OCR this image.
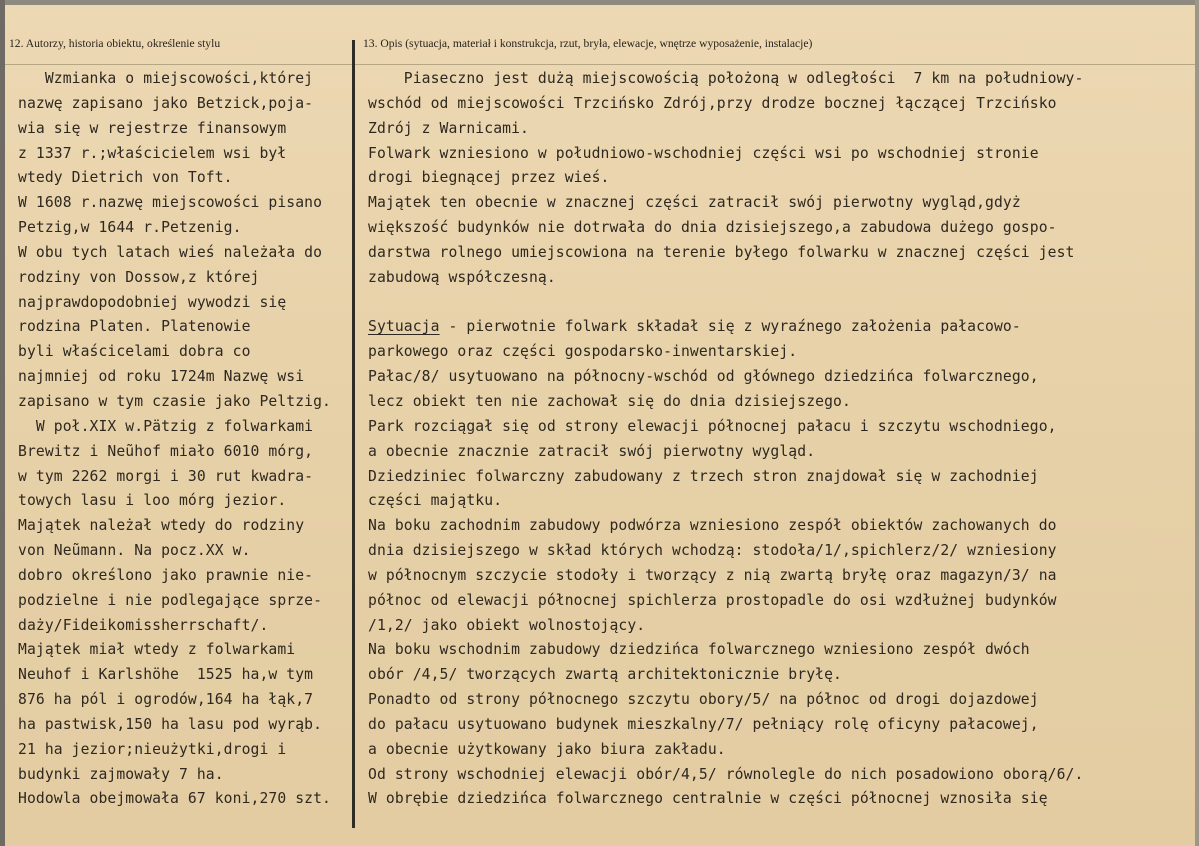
12. Autorzy, historia obiektu, określenie stylu	13. Opis (sytuacja, materiał i konstrukcja, rzut, bryła, elewacje, wnętrze wyposażenie, instalacje)
Wzmianka o miejscowości,której
nazwę zapisano jako Betzick,poja-
wia się w rejestrze finansowym
z 1337 r.;właścicielem wsi był
wtedy Dietrich von Toft.
W 1608 r.nazwę miejscowości pisano
Petzig,w 1644 r.Petzenig.
W obu tych latach wieś należała do
rodziny von Dossow,z której
najprawdopodobniej wywodzi się
rodzina Platen. Platenowie
byli właścicelami dobra co
najmniej od roku 1724m Nazwę wsi
zapisano w tym czasie jako Peltzig.
W poł.XIX w.Pätzig z folwarkami
Brewitz i Neũhof miało 6010 mórg,
w tym 2262 morgi i 30 rut kwadra-
towych lasu i loo mórg jezior.
Majątek należał wtedy do rodziny
von Neũmann. Na pocz.XX w.
dobro określono jako prawnie nie-
podzielne i nie podlegające sprze-
daży/Fideikomissherrschaft/.
Majątek miał wtedy z folwarkami
Neuhof i Karlshöhe  1525 ha,w tym
876 ha pól i ogrodów,164 ha łąk,7
ha pastwisk,150 ha lasu pod wyrąb.
21 ha jezior;nieużytki,drogi i
budynki zajmowały 7 ha.
Hodowla obejmowała 67 koni,270 szt.
Piaseczno jest dużą miejscowością położoną w odległości  7 km na południowy-
wschód od miejscowości Trzcińsko Zdrój,przy drodze bocznej łączącej Trzcińsko
Zdrój z Warnicami.
Folwark wzniesiono w południowo-wschodniej części wsi po wschodniej stronie
drogi biegnącej przez wieś.
Majątek ten obecnie w znacznej części zatracił swój pierwotny wygląd,gdyż
większość budynków nie dotrwała do dnia dzisiejszego,a zabudowa dużego gospo-
darstwa rolnego umiejscowiona na terenie byłego folwarku w znacznej części jest
zabudową współczesną.
Sytuacja - pierwotnie folwark składał się z wyraźnego założenia pałacowo-
parkowego oraz części gospodarsko-inwentarskiej.
Pałac/8/ usytuowano na północny-wschód od głównego dziedzińca folwarcznego,
lecz obiekt ten nie zachował się do dnia dzisiejszego.
Park rozciągał się od strony elewacji północnej pałacu i szczytu wschodniego,
a obecnie znacznie zatracił swój pierwotny wygląd.
Dziedziniec folwarczny zabudowany z trzech stron znajdował się w zachodniej
części majątku.
Na boku zachodnim zabudowy podwórza wzniesiono zespół obiektów zachowanych do
dnia dzisiejszego w skład których wchodzą: stodoła/1/,spichlerz/2/ wzniesiony
w północnym szczycie stodoły i tworzący z nią zwartą bryłę oraz magazyn/3/ na
północ od elewacji północnej spichlerza prostopadle do osi wzdłużnej budynków
/1,2/ jako obiekt wolnostojący.
Na boku wschodnim zabudowy dziedzińca folwarcznego wzniesiono zespół dwóch
obór /4,5/ tworzących zwartą architektonicznie bryłę.
Ponadto od strony północnego szczytu obory/5/ na północ od drogi dojazdowej
do pałacu usytuowano budynek mieszkalny/7/ pełniący rolę oficyny pałacowej,
a obecnie użytkowany jako biura zakładu.
Od strony wschodniej elewacji obór/4,5/ równolegle do nich posadowiono oborą/6/.
W obrębie dziedzińca folwarcznego centralnie w części północnej wznosiła się
